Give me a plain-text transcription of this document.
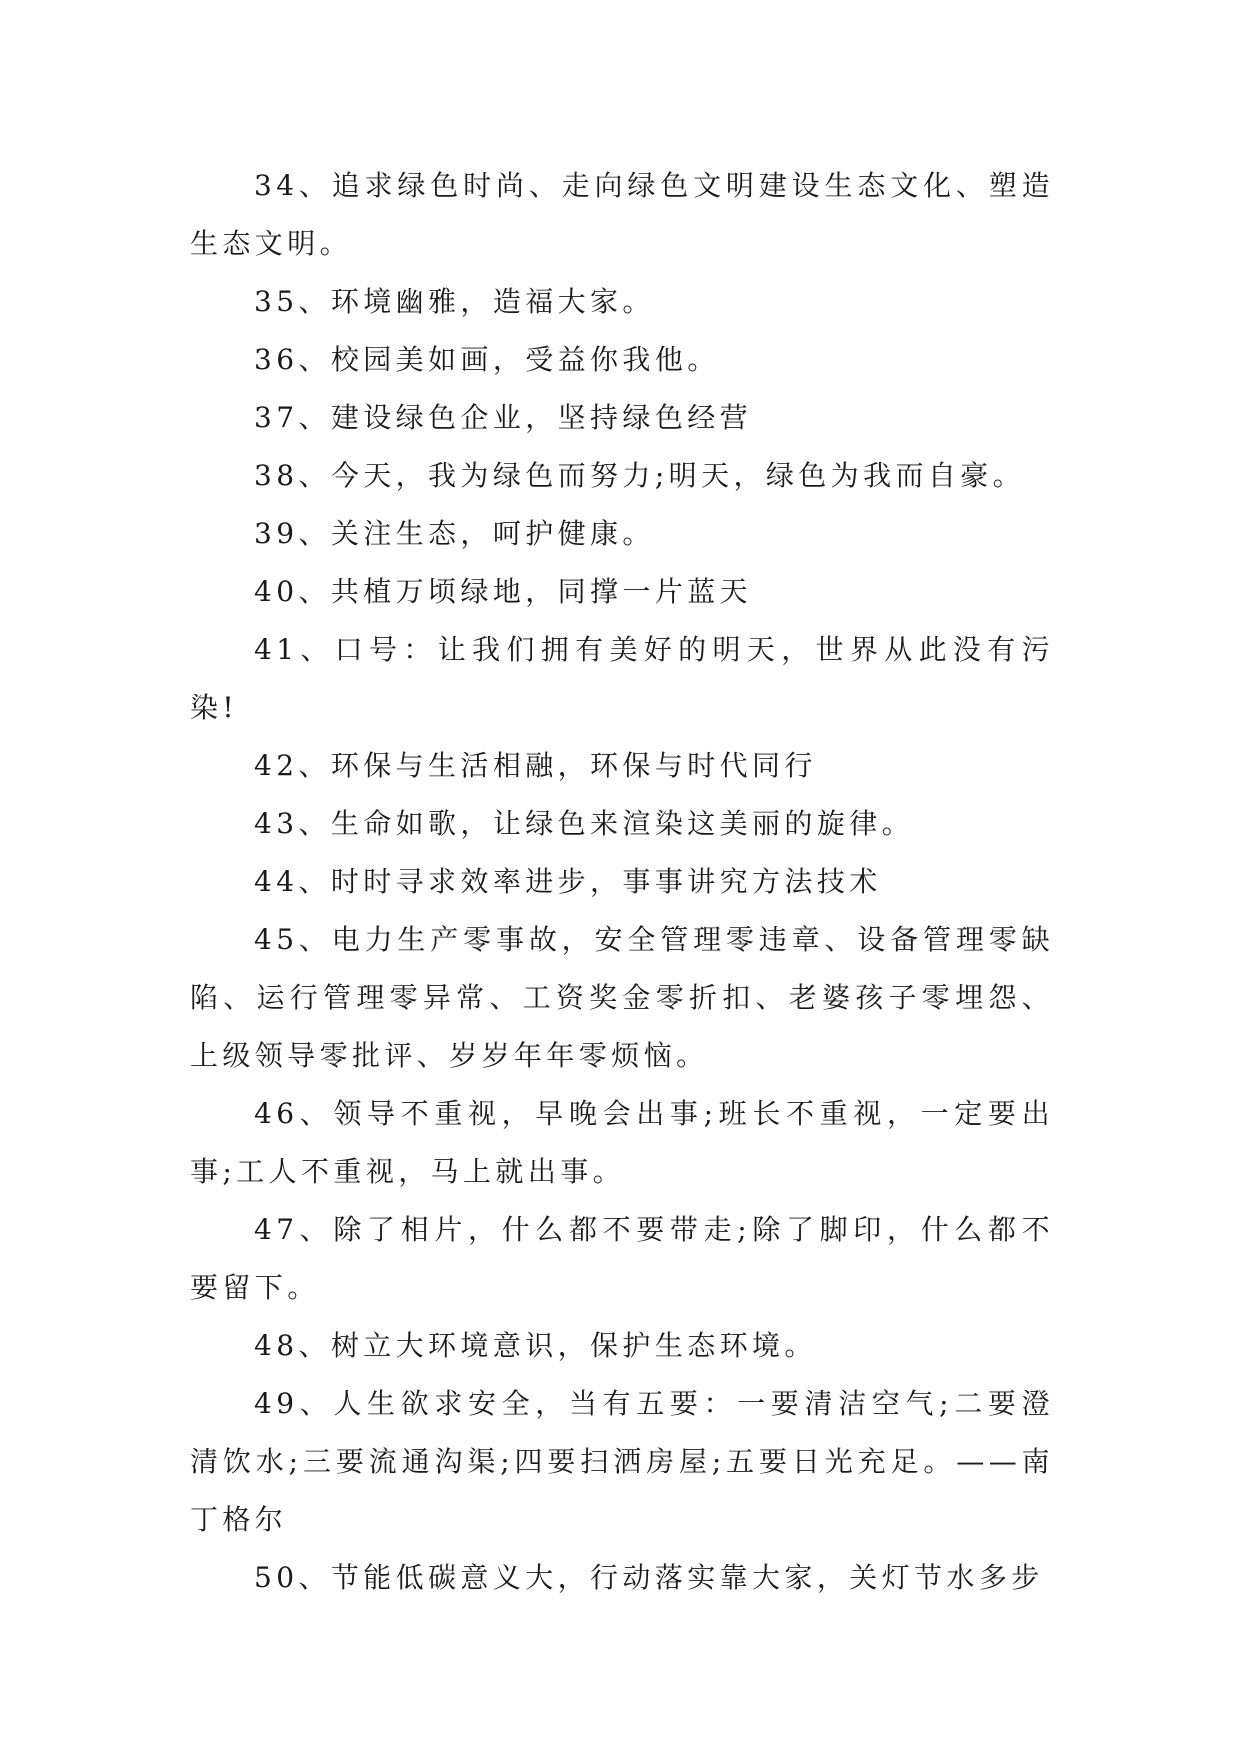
34、追求绿色时尚、走向绿色文明建设生态文化、塑造生态文明。

35、环境幽雅，造福大家。

36、校园美如画，受益你我他。

37、建设绿色企业，坚持绿色经营

38、今天，我为绿色而努力;明天，绿色为我而自豪。

39、关注生态，呵护健康。

40、共植万顷绿地，同撑一片蓝天

41、口号：让我们拥有美好的明天，世界从此没有污染!

42、环保与生活相融，环保与时代同行

43、生命如歌，让绿色来渲染这美丽的旋律。

44、时时寻求效率进步，事事讲究方法技术

45、电力生产零事故，安全管理零违章、设备管理零缺陷、运行管理零异常、工资奖金零折扣、老婆孩子零埋怨、上级领导零批评、岁岁年年零烦恼。

46、领导不重视，早晚会出事;班长不重视，一定要出事;工人不重视，马上就出事。

47、除了相片，什么都不要带走;除了脚印，什么都不要留下。

48、树立大环境意识，保护生态环境。

49、人生欲求安全，当有五要：一要清洁空气;二要澄清饮水;三要流通沟渠;四要扫洒房屋;五要日光充足。——南丁格尔

50、节能低碳意义大，行动落实靠大家，关灯节水多步
